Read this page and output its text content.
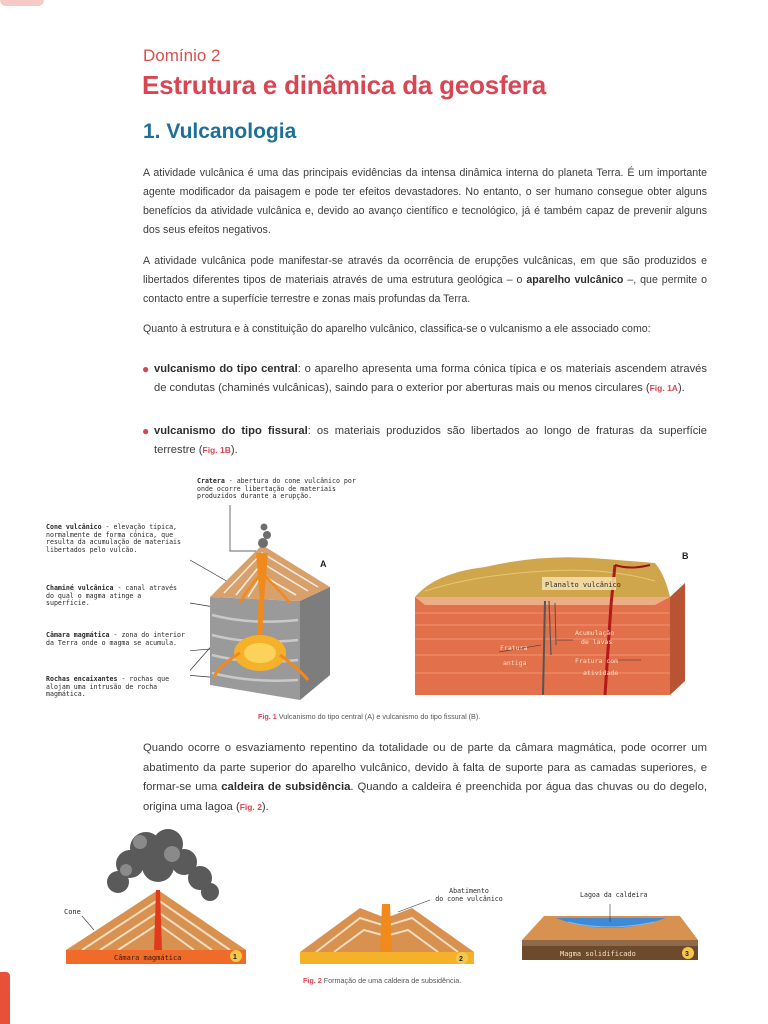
Domínio 2
Estrutura e dinâmica da geosfera
1. Vulcanologia

A atividade vulcânica é uma das principais evidências da intensa dinâmica interna do planeta Terra. É um importante agente modificador da paisagem e pode ter efeitos devastadores. No entanto, o ser humano consegue obter alguns benefícios da atividade vulcânica e, devido ao avanço científico e tecnológico, já é também capaz de prevenir alguns dos seus efeitos negativos.

A atividade vulcânica pode manifestar-se através da ocorrência de erupções vulcânicas, em que são produzidos e libertados diferentes tipos de materiais através de uma estrutura geológica – o aparelho vulcânico –, que permite o contacto entre a superfície terrestre e zonas mais profundas da Terra.

Quanto à estrutura e à constituição do aparelho vulcânico, classifica-se o vulcanismo a ele associado como:

● vulcanismo do tipo central: o aparelho apresenta uma forma cónica típica e os materiais ascendem através de condutas (chaminés vulcânicas), saindo para o exterior por aberturas mais ou menos circulares (Fig. 1A).
● vulcanismo do tipo fissural: os materiais produzidos são libertados ao longo de fraturas da superfície terrestre (Fig. 1B).
Cratera - abertura do cone vulcânico por onde ocorre libertação de materiais produzidos durante a erupção.
Cone vulcânico - elevação típica, normalmente de forma cónica, que resulta da acumulação de materiais libertados pelo vulcão.
Chaminé vulcânica - canal através do qual o magma atinge a superfície.
Câmara magmática - zona do interior da Terra onde o magma se acumula.
Rochas encaixantes - rochas que alojam uma intrusão de rocha magmática.
A
Planalto vulcânico
Acumulação
de lavas
Fratura
antiga	Fratura com
atividade
B
Fig. 1 Vulcanismo do tipo central (A) e vulcanismo do tipo fissural (B).

Quando ocorre o esvaziamento repentino da totalidade ou de parte da câmara magmática, pode ocorrer um abatimento da parte superior do aparelho vulcânico, devido à falta de suporte para as camadas superiores, e formar-se uma caldeira de subsidência. Quando a caldeira é preenchida por água das chuvas ou do degelo, origina uma lagoa (Fig. 2).

Câmara magmática	1
Cone
2
Abatimento
do cone vulcânico
Magma solidificado	3
Lagoa da caldeira
Fig. 2 Formação de uma caldeira de subsidência.
